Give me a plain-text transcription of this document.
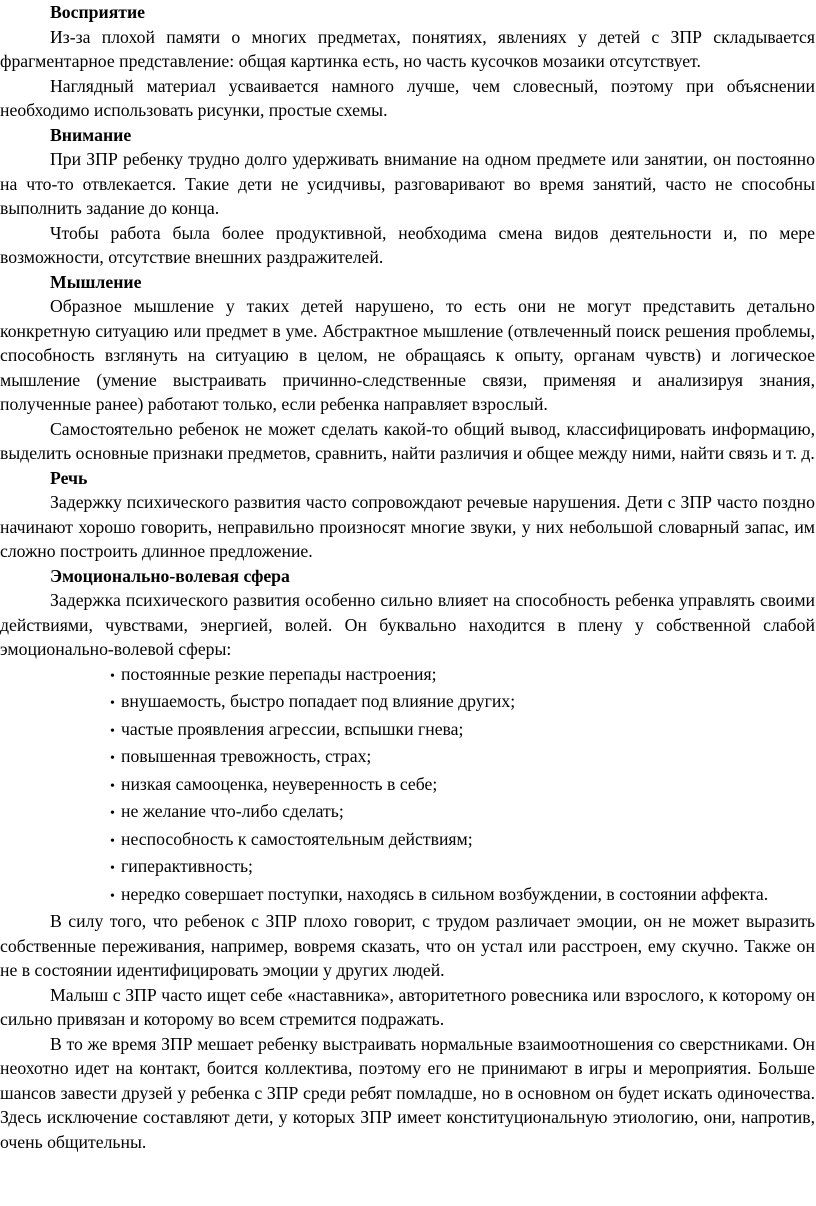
Восприятие

Из-за плохой памяти о многих предметах, понятиях, явлениях у детей с ЗПР складывается фрагментарное представление: общая картинка есть, но часть кусочков мозаики отсутствует.

Наглядный материал усваивается намного лучше, чем словесный, поэтому при объяснении необходимо использовать рисунки, простые схемы.

Внимание

При ЗПР ребенку трудно долго удерживать внимание на одном предмете или занятии, он постоянно на что-то отвлекается. Такие дети не усидчивы, разговаривают во время занятий, часто не способны выполнить задание до конца.

Чтобы работа была более продуктивной, необходима смена видов деятельности и, по мере возможности, отсутствие внешних раздражителей.

Мышление

Образное мышление у таких детей нарушено, то есть они не могут представить детально конкретную ситуацию или предмет в уме. Абстрактное мышление (отвлеченный поиск решения проблемы, способность взглянуть на ситуацию в целом, не обращаясь к опыту, органам чувств) и логическое мышление (умение выстраивать причинно-следственные связи, применяя и анализируя знания, полученные ранее) работают только, если ребенка направляет взрослый.

Самостоятельно ребенок не может сделать какой-то общий вывод, классифицировать информацию, выделить основные признаки предметов, сравнить, найти различия и общее между ними, найти связь и т. д.

Речь

Задержку психического развития часто сопровождают речевые нарушения. Дети с ЗПР часто поздно начинают хорошо говорить, неправильно произносят многие звуки, у них небольшой словарный запас, им сложно построить длинное предложение.

Эмоционально-волевая сфера

Задержка психического развития особенно сильно влияет на способность ребенка управлять своими действиями, чувствами, энергией, волей. Он буквально находится в плену у собственной слабой эмоционально-волевой сферы:

• постоянные резкие перепады настроения;
• внушаемость, быстро попадает под влияние других;
• частые проявления агрессии, вспышки гнева;
• повышенная тревожность, страх;
• низкая самооценка, неуверенность в себе;
• не желание что-либо сделать;
• неспособность к самостоятельным действиям;
• гиперактивность;
• нередко совершает поступки, находясь в сильном возбуждении, в состоянии аффекта.

В силу того, что ребенок с ЗПР плохо говорит, с трудом различает эмоции, он не может выразить собственные переживания, например, вовремя сказать, что он устал или расстроен, ему скучно. Также он не в состоянии идентифицировать эмоции у других людей.

Малыш с ЗПР часто ищет себе «наставника», авторитетного ровесника или взрослого, к которому он сильно привязан и которому во всем стремится подражать.

В то же время ЗПР мешает ребенку выстраивать нормальные взаимоотношения со сверстниками. Он неохотно идет на контакт, боится коллектива, поэтому его не принимают в игры и мероприятия. Больше шансов завести друзей у ребенка с ЗПР среди ребят помладше, но в основном он будет искать одиночества. Здесь исключение составляют дети, у которых ЗПР имеет конституциональную этиологию, они, напротив, очень общительны.
